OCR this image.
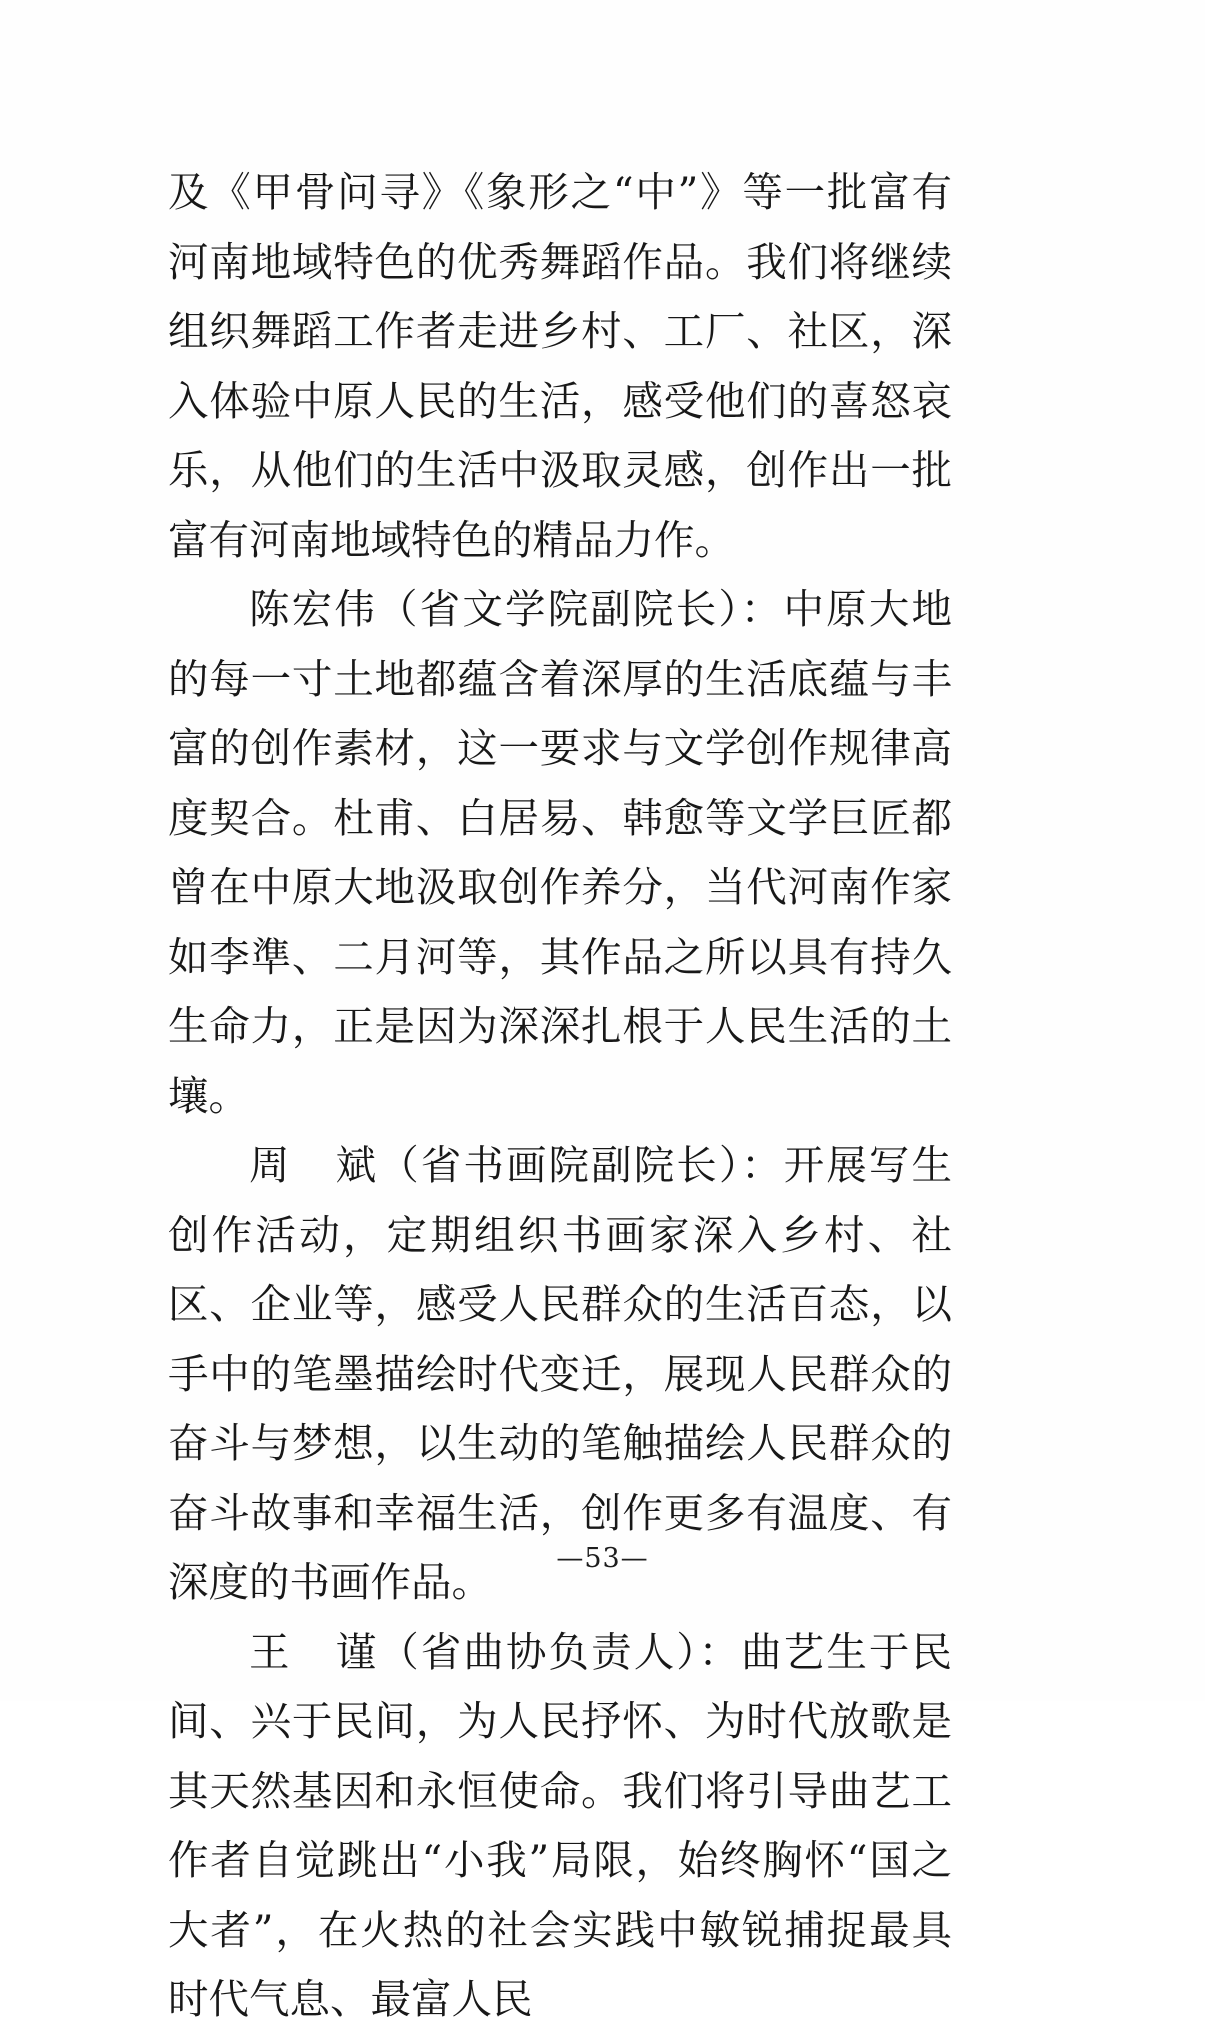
及《甲骨问寻》《象形之“中”》等一批富有河南地域特色的优秀舞蹈作品。我们将继续组织舞蹈工作者走进乡村、工厂、社区，深入体验中原人民的生活，感受他们的喜怒哀乐，从他们的生活中汲取灵感，创作出一批富有河南地域特色的精品力作。

陈宏伟（省文学院副院长）：中原大地的每一寸土地都蕴含着深厚的生活底蕴与丰富的创作素材，这一要求与文学创作规律高度契合。杜甫、白居易、韩愈等文学巨匠都曾在中原大地汲取创作养分，当代河南作家如李準、二月河等，其作品之所以具有持久生命力，正是因为深深扎根于人民生活的土壤。

周 斌（省书画院副院长）：开展写生创作活动，定期组织书画家深入乡村、社区、企业等，感受人民群众的生活百态，以手中的笔墨描绘时代变迁，展现人民群众的奋斗与梦想，以生动的笔触描绘人民群众的奋斗故事和幸福生活，创作更多有温度、有深度的书画作品。

王 谨（省曲协负责人）：曲艺生于民间、兴于民间，为人民抒怀、为时代放歌是其天然基因和永恒使命。我们将引导曲艺工作者自觉跳出“小我”局限，始终胸怀“国之大者”，在火热的社会实践中敏锐捕捉最具时代气息、最富人民

—53—
